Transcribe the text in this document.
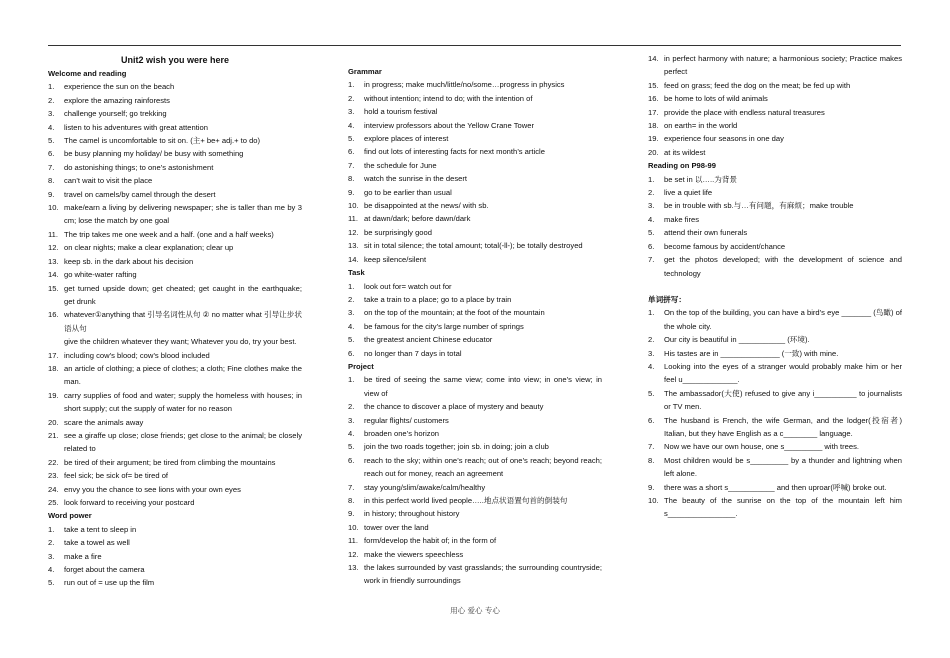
Unit2 wish you were here
Welcome and reading
1. experience the sun on the beach
2. explore the amazing rainforests
3. challenge yourself; go trekking
4. listen to his adventures with great attention
5. The camel is uncomfortable to sit on. (主+ be+ adj.+ to do)
6. be busy planning my holiday/ be busy with something
7. do astonishing things; to one’s astonishment
8. can’t wait to visit the place
9. travel on camels/by camel through the desert
10. make/earn a living by delivering newspaper; she is taller than me by 3 cm; lose the match by one goal
11. The trip takes me one week and a half. (one and a half weeks)
12. on clear nights; make a clear explanation; clear up
13. keep sb. in the dark about his decision
14. go white-water rafting
15. get turned upside down; get cheated; get caught in the earthquake; get drunk
16. whatever①anything that 引导名词性从句 ② no matter what 引导让步状语从句
give the children whatever they want; Whatever you do, try your best.
17. including cow’s blood; cow’s blood included
18. an article of clothing; a piece of clothes; a cloth; Fine clothes make the man.
19. carry supplies of food and water; supply the homeless with houses; in short supply; cut the supply of water for no reason
20. scare the animals away
21. see a giraffe up close; close friends; get close to the animal; be closely related to
22. be tired of their argument; be tired from climbing the mountains
23. feel sick; be sick of= be tired of
24. envy you the chance to see lions with your own eyes
25. look forward to receiving your postcard
Word power
1. take a tent to sleep in
2. take a towel as well
3. make a fire
4. forget about the camera
5. run out of = use up the film
Grammar
1. in progress; make much/little/no/some…progress in physics
2. without intention; intend to do; with the intention of
3. hold a tourism festival
4. interview professors about the Yellow Crane Tower
5. explore places of interest
6. find out lots of interesting facts for next month’s article
7. the schedule for June
8. watch the sunrise in the desert
9. go to be earlier than usual
10. be disappointed at the news/ with sb.
11. at dawn/dark; before dawn/dark
12. be surprisingly good
13. sit in total silence; the total amount; total(-ll-); be totally destroyed
14. keep silence/silent
Task
1. look out for= watch out for
2. take a train to a place; go to a place by train
3. on the top of the mountain; at the foot of the mountain
4. be famous for the city’s large number of springs
5. the greatest ancient Chinese educator
6. no longer than 7 days in total
Project
1. be tired of seeing the same view; come into view; in one’s view; in view of
2. the chance to discover a place of mystery and beauty
3. regular flights/ customers
4. broaden one’s horizon
5. join the two roads together; join sb. in doing; join a club
6. reach to the sky; within one’s reach; out of one’s reach; beyond reach; reach out for money, reach an agreement
7. stay young/slim/awake/calm/healthy
8. in this perfect world lived people…..地点状语置句首的倒装句
9. in history; throughout history
10. tower over the land
11. form/develop the habit of; in the form of
12. make the viewers speechless
13. the lakes surrounded by vast grasslands; the surrounding countryside; work in friendly surroundings
14. in perfect harmony with nature; a harmonious society; Practice makes perfect
15. feed on grass; feed the dog on the meat; be fed up with
16. be home to lots of wild animals
17. provide the place with endless natural treasures
18. on earth= in the world
19. experience four seasons in one day
20. at its wildest
Reading on P98-99
1. be set in 以…..为背景
2. live a quiet life
3. be in trouble with sb.与…有问题，有麻烦；make trouble
4. make fires
5. attend their own funerals
6. become famous by accident/chance
7. get the photos developed; with the development of science and technology
单词拼写：
1. On the top of the building, you can have a bird’s eye _______ (鸟瞰) of the whole city.
2. Our city is beautiful in ___________ (环境).
3. His tastes are in ______________ (一致) with mine.
4. Looking into the eyes of a stranger would probably make him or her feel u_____________.
5. The ambassador(大使) refused to give any i__________ to journalists or TV men.
6. The husband is French, the wife German, and the lodger(投宿者) Italian, but they have English as a c________ language.
7. Now we have our own house, one s_________ with trees.
8. Most children would be s_________ by a thunder and lightning when left alone.
9. there was a short s___________ and then uproar(呼喊) broke out.
10. The beauty of the sunrise on the top of the mountain left him s________________.
用心 爱心 专心
